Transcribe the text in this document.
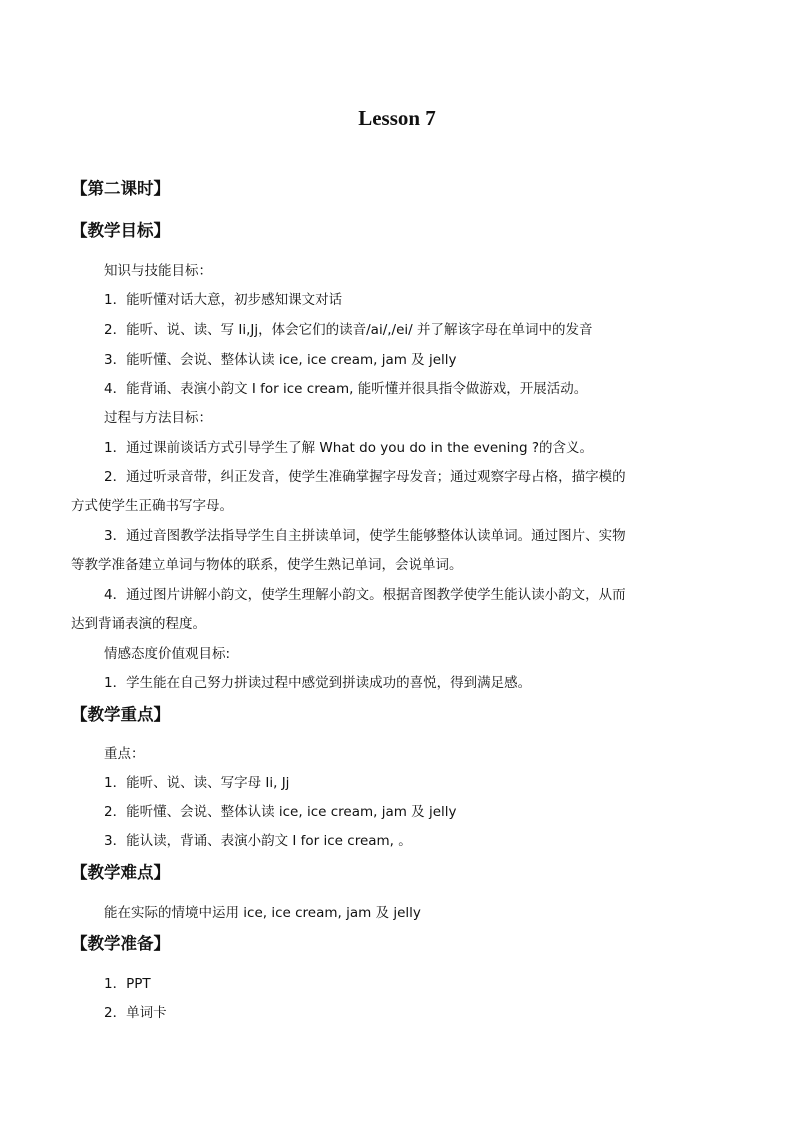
Lesson 7
【第二课时】
【教学目标】
知识与技能目标：
1．能听懂对话大意，初步感知课文对话
2．能听、说、读、写 Ii,Jj，体会它们的读音/ai/,/ei/ 并了解该字母在单词中的发音
3．能听懂、会说、整体认读 ice, ice cream, jam 及 jelly
4．能背诵、表演小韵文 I for ice cream, 能听懂并很具指令做游戏，开展活动。
过程与方法目标：
1．通过课前谈话方式引导学生了解 What do you do in the evening ?的含义。
2．通过听录音带，纠正发音，使学生准确掌握字母发音；通过观察字母占格，描字模的
方式使学生正确书写字母。
3．通过音图教学法指导学生自主拼读单词，使学生能够整体认读单词。通过图片、实物
等教学准备建立单词与物体的联系，使学生熟记单词，会说单词。
4．通过图片讲解小韵文，使学生理解小韵文。根据音图教学使学生能认读小韵文，从而
达到背诵表演的程度。
情感态度价值观目标:
1．学生能在自己努力拼读过程中感觉到拼读成功的喜悦，得到满足感。
【教学重点】
重点：
1．能听、说、读、写字母 Ii, Jj
2．能听懂、会说、整体认读 ice, ice cream, jam 及 jelly
3．能认读，背诵、表演小韵文 I for ice cream, 。
【教学难点】
能在实际的情境中运用 ice, ice cream, jam 及 jelly
【教学准备】
1．PPT
2．单词卡
